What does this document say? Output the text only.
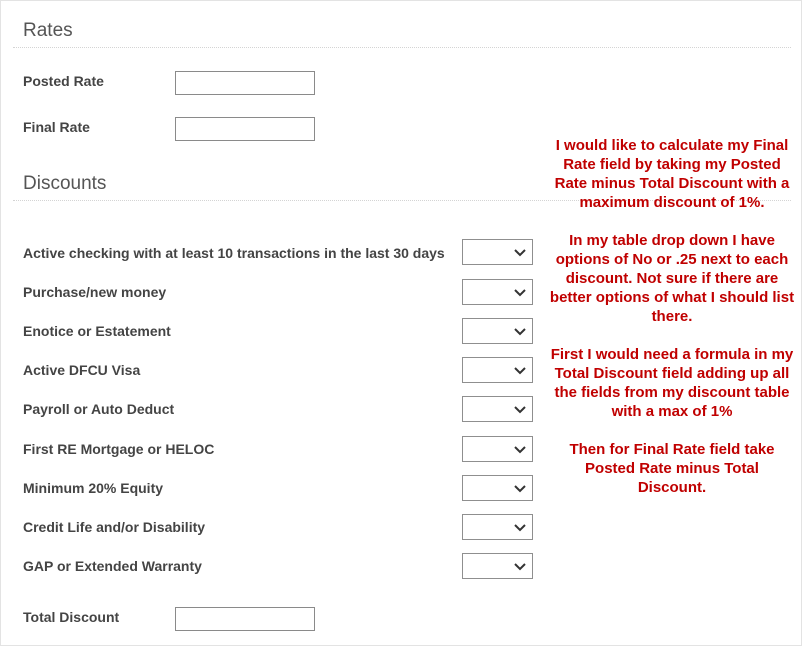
Rates
Posted Rate
Final Rate
Discounts
Active checking with at least 10 transactions in the last 30 days
Purchase/new money
Enotice or Estatement
Active DFCU Visa
Payroll or Auto Deduct
First RE Mortgage or HELOC
Minimum 20% Equity
Credit Life and/or Disability
GAP or Extended Warranty
Total Discount

I would like to calculate my Final Rate field by taking my Posted Rate minus Total Discount with a maximum discount of 1%.

In my table drop down I have options of No or .25 next to each discount. Not sure if there are better options of what I should list there.

First I would need a formula in my Total Discount field adding up all the fields from my discount table with a max of 1%

Then for Final Rate field take Posted Rate minus Total Discount.
